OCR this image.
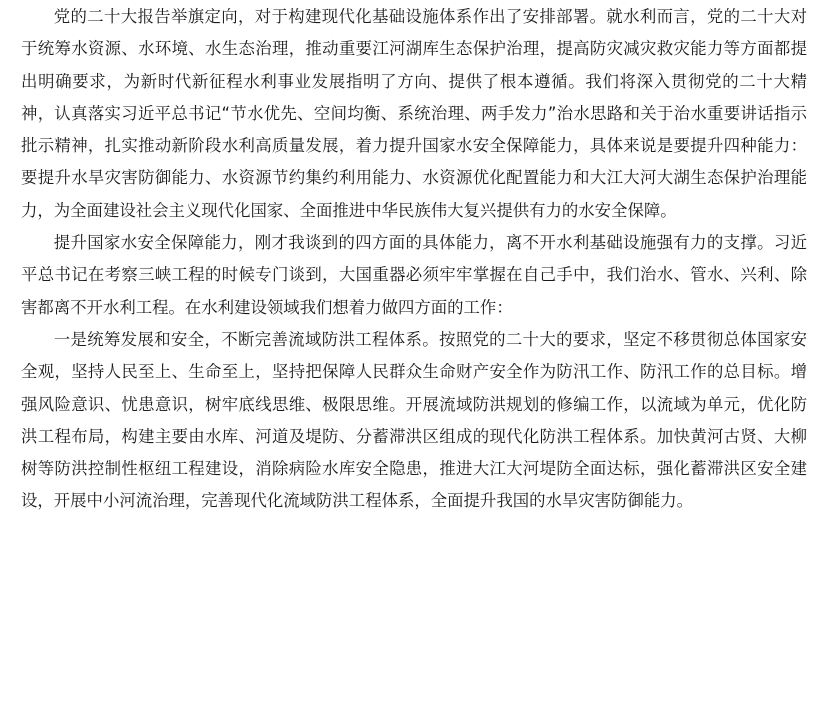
党的二十大报告举旗定向，对于构建现代化基础设施体系作出了安排部署。就水利而言，党的二十大对于统筹水资源、水环境、水生态治理，推动重要江河湖库生态保护治理，提高防灾减灾救灾能力等方面都提出明确要求，为新时代新征程水利事业发展指明了方向、提供了根本遵循。我们将深入贯彻党的二十大精神，认真落实习近平总书记“节水优先、空间均衡、系统治理、两手发力”治水思路和关于治水重要讲话指示批示精神，扎实推动新阶段水利高质量发展，着力提升国家水安全保障能力，具体来说是要提升四种能力：要提升水旱灾害防御能力、水资源节约集约利用能力、水资源优化配置能力和大江大河大湖生态保护治理能力，为全面建设社会主义现代化国家、全面推进中华民族伟大复兴提供有力的水安全保障。

提升国家水安全保障能力，刚才我谈到的四方面的具体能力，离不开水利基础设施强有力的支撑。习近平总书记在考察三峡工程的时候专门谈到，大国重器必须牢牢掌握在自己手中，我们治水、管水、兴利、除害都离不开水利工程。在水利建设领域我们想着力做四方面的工作：

一是统筹发展和安全，不断完善流域防洪工程体系。按照党的二十大的要求，坚定不移贯彻总体国家安全观，坚持人民至上、生命至上，坚持把保障人民群众生命财产安全作为防汛工作、防汛工作的总目标。增强风险意识、忧患意识，树牢底线思维、极限思维。开展流域防洪规划的修编工作，以流域为单元，优化防洪工程布局，构建主要由水库、河道及堤防、分蓄滞洪区组成的现代化防洪工程体系。加快黄河古贤、大柳树等防洪控制性枢纽工程建设，消除病险水库安全隐患，推进大江大河堤防全面达标，强化蓄滞洪区安全建设，开展中小河流治理，完善现代化流域防洪工程体系，全面提升我国的水旱灾害防御能力。
